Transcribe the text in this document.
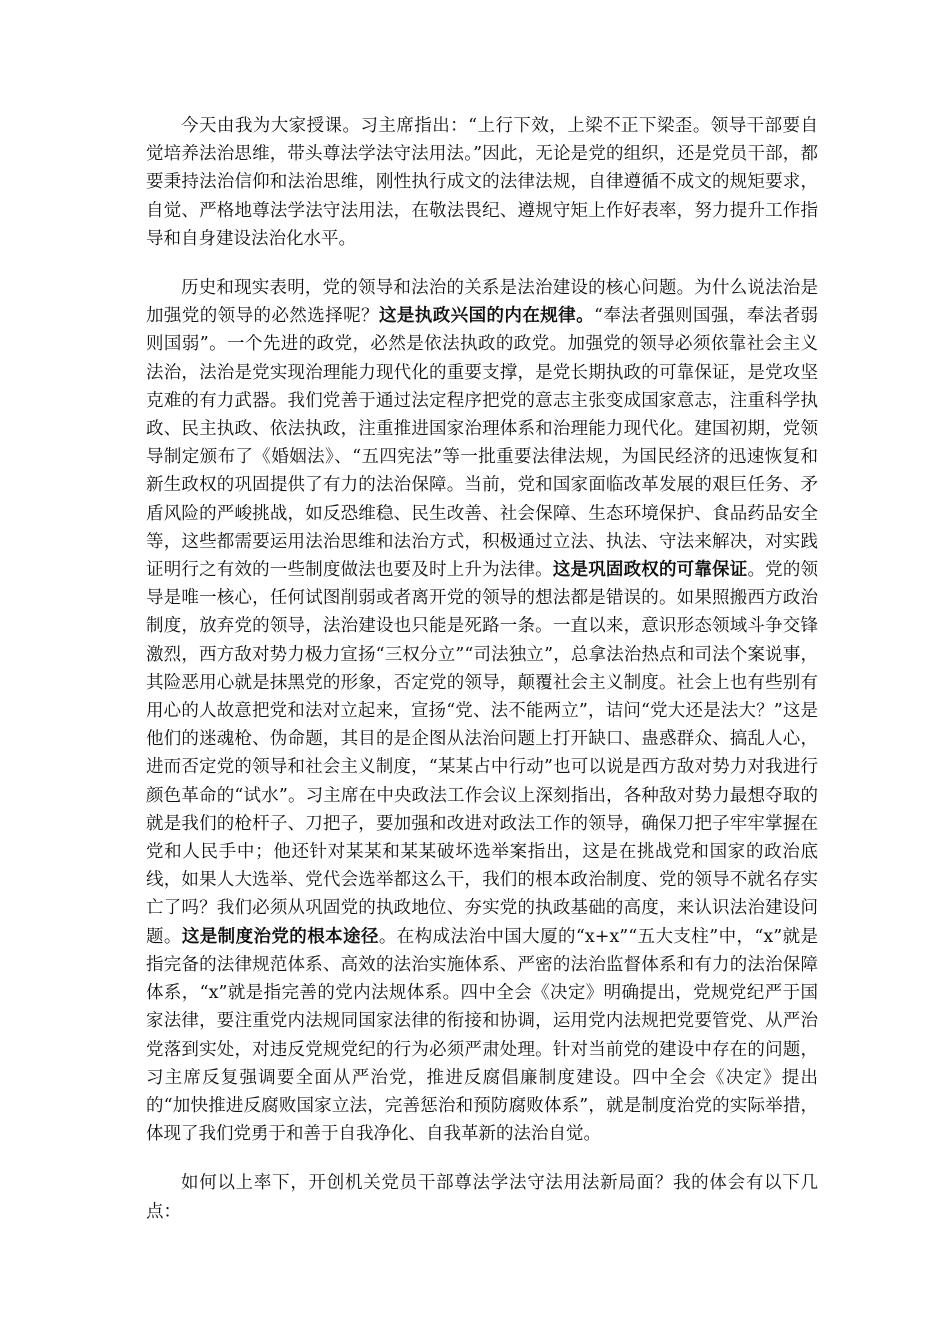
今天由我为大家授课。习主席指出：“上行下效，上梁不正下梁歪。领导干部要自觉培养法治思维，带头尊法学法守法用法。”因此，无论是党的组织，还是党员干部，都要秉持法治信仰和法治思维，刚性执行成文的法律法规，自律遵循不成文的规矩要求，自觉、严格地尊法学法守法用法，在敬法畏纪、遵规守矩上作好表率，努力提升工作指导和自身建设法治化水平。

历史和现实表明，党的领导和法治的关系是法治建设的核心问题。为什么说法治是加强党的领导的必然选择呢？这是执政兴国的内在规律。“奉法者强则国强，奉法者弱则国弱”。一个先进的政党，必然是依法执政的政党。加强党的领导必须依靠社会主义法治，法治是党实现治理能力现代化的重要支撑，是党长期执政的可靠保证，是党攻坚克难的有力武器。我们党善于通过法定程序把党的意志主张变成国家意志，注重科学执政、民主执政、依法执政，注重推进国家治理体系和治理能力现代化。建国初期，党领导制定颁布了《婚姻法》、“五四宪法”等一批重要法律法规，为国民经济的迅速恢复和新生政权的巩固提供了有力的法治保障。当前，党和国家面临改革发展的艰巨任务、矛盾风险的严峻挑战，如反恐维稳、民生改善、社会保障、生态环境保护、食品药品安全等，这些都需要运用法治思维和法治方式，积极通过立法、执法、守法来解决，对实践证明行之有效的一些制度做法也要及时上升为法律。这是巩固政权的可靠保证。党的领导是唯一核心，任何试图削弱或者离开党的领导的想法都是错误的。如果照搬西方政治制度，放弃党的领导，法治建设也只能是死路一条。一直以来，意识形态领域斗争交锋激烈，西方敌对势力极力宣扬“三权分立”“司法独立”，总拿法治热点和司法个案说事，其险恶用心就是抹黑党的形象，否定党的领导，颠覆社会主义制度。社会上也有些别有用心的人故意把党和法对立起来，宣扬“党、法不能两立”，诘问“党大还是法大？”这是他们的迷魂枪、伪命题，其目的是企图从法治问题上打开缺口、蛊惑群众、搞乱人心，进而否定党的领导和社会主义制度，“某某占中行动”也可以说是西方敌对势力对我进行颜色革命的“试水”。习主席在中央政法工作会议上深刻指出，各种敌对势力最想夺取的就是我们的枪杆子、刀把子，要加强和改进对政法工作的领导，确保刀把子牢牢掌握在党和人民手中；他还针对某某和某某破坏选举案指出，这是在挑战党和国家的政治底线，如果人大选举、党代会选举都这么干，我们的根本政治制度、党的领导不就名存实亡了吗？我们必须从巩固党的执政地位、夯实党的执政基础的高度，来认识法治建设问题。这是制度治党的根本途径。在构成法治中国大厦的“x+x”“五大支柱”中，“x”就是指完备的法律规范体系、高效的法治实施体系、严密的法治监督体系和有力的法治保障体系，“x”就是指完善的党内法规体系。四中全会《决定》明确提出，党规党纪严于国家法律，要注重党内法规同国家法律的衔接和协调，运用党内法规把党要管党、从严治党落到实处，对违反党规党纪的行为必须严肃处理。针对当前党的建设中存在的问题，习主席反复强调要全面从严治党，推进反腐倡廉制度建设。四中全会《决定》提出的“加快推进反腐败国家立法，完善惩治和预防腐败体系”，就是制度治党的实际举措，体现了我们党勇于和善于自我净化、自我革新的法治自觉。

如何以上率下，开创机关党员干部尊法学法守法用法新局面？我的体会有以下几点：
